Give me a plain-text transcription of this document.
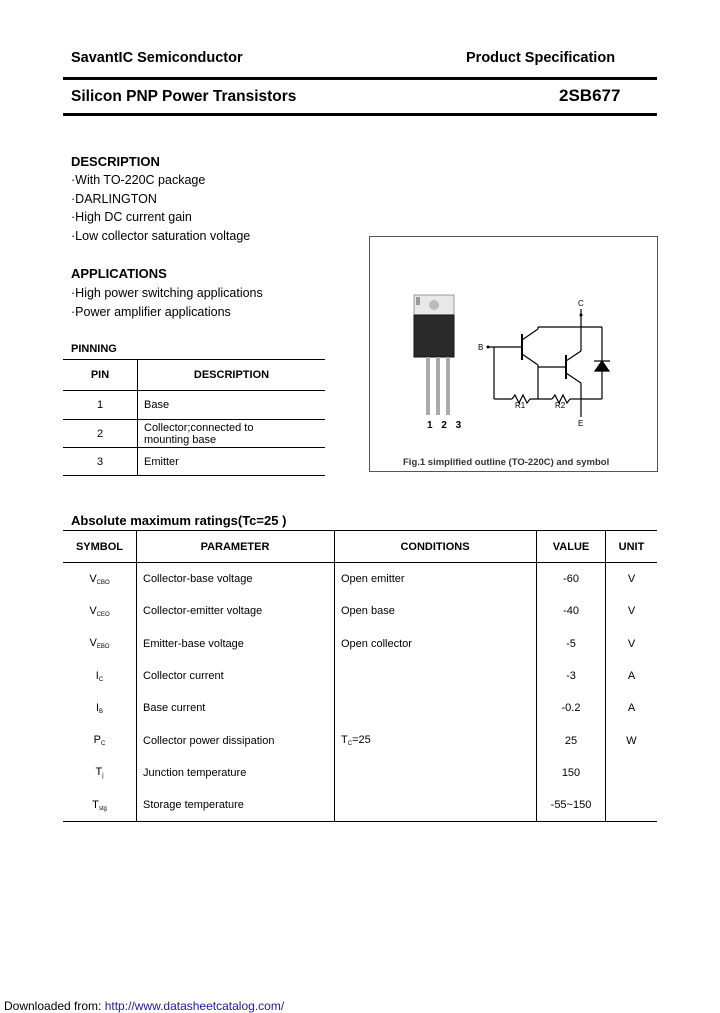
SavantIC Semiconductor	Product Specification
Silicon PNP Power Transistors	2SB677
DESCRIPTION
·With TO-220C package
·DARLINGTON
·High DC current gain
·Low collector saturation voltage
APPLICATIONS
·High power switching applications
·Power amplifier applications
PINNING
PIN	DESCRIPTION
1	Base
2	Collector;connected to mounting base
3	Emitter
1 2 3
C
B
E
R1	R2
Fig.1 simplified outline (TO-220C) and symbol
Absolute maximum ratings(Tc=25 )
SYMBOL	PARAMETER	CONDITIONS	VALUE	UNIT
$V_{CBO}$	Collector-base voltage	Open emitter	-60	V
$V_{CEO}$	Collector-emitter voltage	Open base	-40	V
$V_{EBO}$	Emitter-base voltage	Open collector	-5	V
$I_C$	Collector current		-3	A
$I_B$	Base current		-0.2	A
$P_C$	Collector power dissipation	$T_C=25$	25	W
$T_j$	Junction temperature		150	
$T_{stg}$	Storage temperature		-55~150	
Downloaded from: http://www.datasheetcatalog.com/
